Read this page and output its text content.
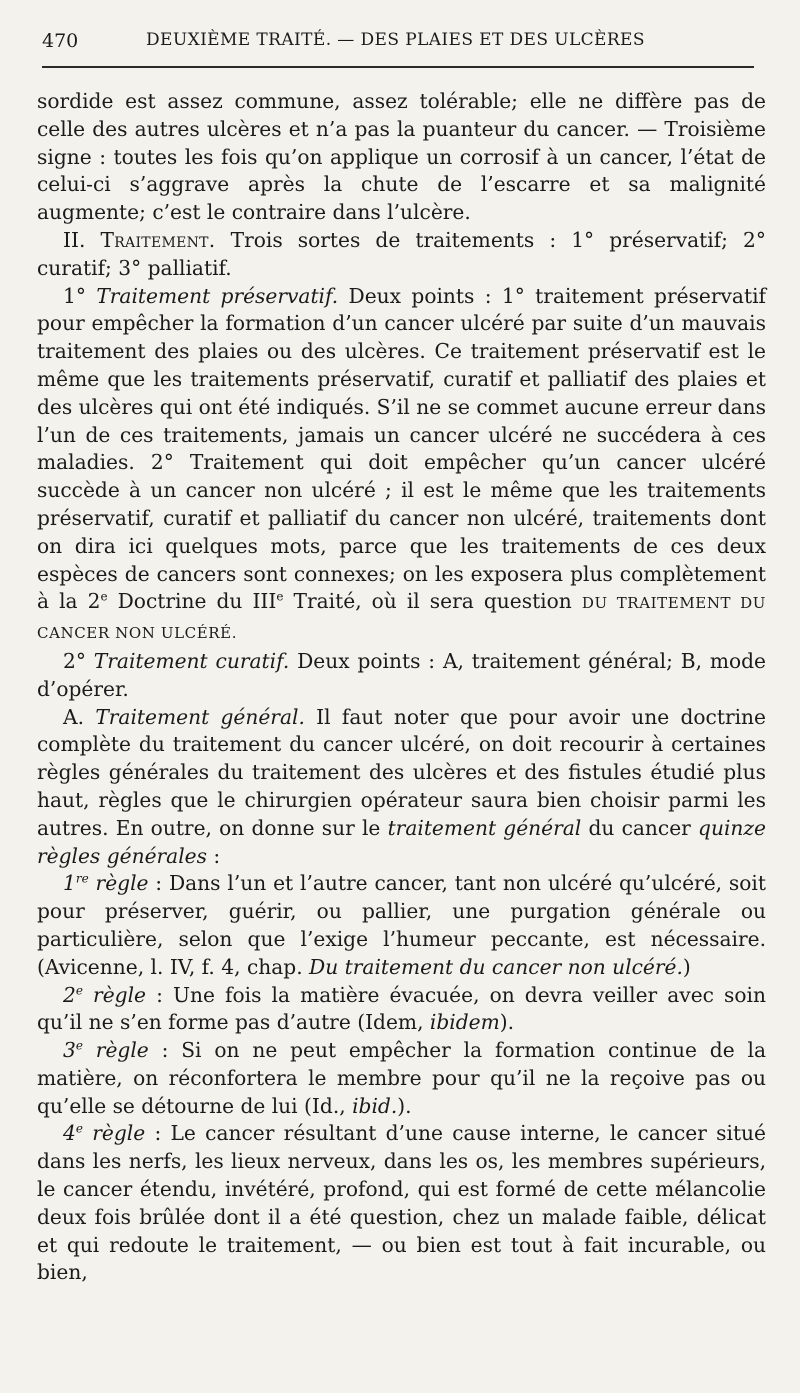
470	DEUXIÈME TRAITÉ. — DES PLAIES ET DES ULCÈRES

sordide est assez commune, assez tolérable; elle ne diffère pas de celle des autres ulcères et n’a pas la puanteur du cancer. — Troisième signe : toutes les fois qu’on applique un corrosif à un cancer, l’état de celui-ci s’aggrave après la chute de l’escarre et sa malignité augmente; c’est le contraire dans l’ulcère.

II. Traitement. Trois sortes de traitements : 1° préservatif; 2° curatif; 3° palliatif.

1° Traitement préservatif. Deux points : 1° traitement préservatif pour empêcher la formation d’un cancer ulcéré par suite d’un mauvais traitement des plaies ou des ulcères. Ce traitement préservatif est le même que les traitements préservatif, curatif et palliatif des plaies et des ulcères qui ont été indiqués. S’il ne se commet aucune erreur dans l’un de ces traitements, jamais un cancer ulcéré ne succédera à ces maladies. 2° Traitement qui doit empêcher qu’un cancer ulcéré succède à un cancer non ulcéré ; il est le même que les traitements préservatif, curatif et palliatif du cancer non ulcéré, traitements dont on dira ici quelques mots, parce que les traitements de ces deux espèces de cancers sont connexes; on les exposera plus complètement à la 2e Doctrine du IIIe Traité, où il sera question DU TRAITEMENT DU CANCER NON ULCÉRÉ.

2° Traitement curatif. Deux points : A, traitement général; B, mode d’opérer.

A. Traitement général. Il faut noter que pour avoir une doctrine complète du traitement du cancer ulcéré, on doit recourir à certaines règles générales du traitement des ulcères et des fistules étudié plus haut, règles que le chirurgien opérateur saura bien choisir parmi les autres. En outre, on donne sur le traitement général du cancer quinze règles générales :

1re règle : Dans l’un et l’autre cancer, tant non ulcéré qu’ulcéré, soit pour préserver, guérir, ou pallier, une purgation générale ou particulière, selon que l’exige l’humeur peccante, est nécessaire. (Avicenne, l. IV, f. 4, chap. Du traitement du cancer non ulcéré.)

2e règle : Une fois la matière évacuée, on devra veiller avec soin qu’il ne s’en forme pas d’autre (Idem, ibidem).

3e règle : Si on ne peut empêcher la formation continue de la matière, on réconfortera le membre pour qu’il ne la reçoive pas ou qu’elle se détourne de lui (Id., ibid.).

4e règle : Le cancer résultant d’une cause interne, le cancer situé dans les nerfs, les lieux nerveux, dans les os, les membres supérieurs, le cancer étendu, invétéré, profond, qui est formé de cette mélancolie deux fois brûlée dont il a été question, chez un malade faible, délicat et qui redoute le traitement, — ou bien est tout à fait incurable, ou bien,
